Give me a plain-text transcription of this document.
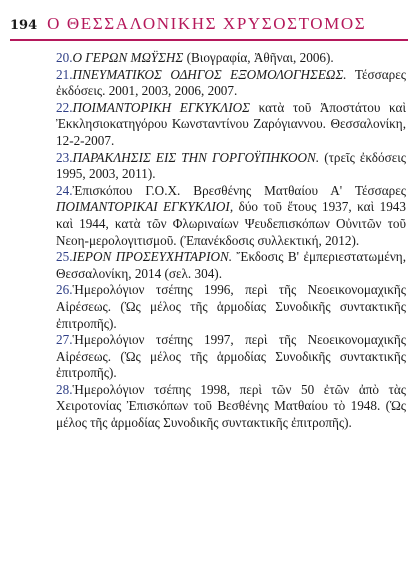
194 Ο ΘΕΣΣΑΛΟΝΙΚΗΣ ΧΡΥΣΟΣΤΟΜΟΣ

20.Ο ΓΕΡΩΝ ΜΩΫΣΗΣ (Βιογραφία, Ἀθῆναι, 2006).

21.ΠΝΕΥΜΑΤΙΚΟΣ ΟΔΗΓΟΣ ΕΞΟΜΟΛΟΓΗΣΕΩΣ. Τέσσαρες ἐκδόσεις. 2001, 2003, 2006, 2007.

22.ΠΟΙΜΑΝΤΟΡΙΚΗ ΕΓΚΥΚΛΙΟΣ κατὰ τοῦ Ἀποστάτου καὶ Ἐκκλησιοκατηγόρου Κωνσταντίνου Ζαρόγιαννου. Θεσσαλονίκη, 12-2-2007.

23.ΠΑΡΑΚΛΗΣΙΣ ΕΙΣ ΤΗΝ ΓΟΡΓΟΫΠΗΚΟΟΝ. (τρεῖς ἐκδόσεις 1995, 2003, 2011).

24.Ἐπισκόπου Γ.Ο.Χ. Βρεσθένης Ματθαίου Α' Τέσσαρες ΠΟΙΜΑΝΤΟΡΙΚΑΙ ΕΓΚΥΚΛΙΟΙ, δύο τοῦ ἔτους 1937, καὶ 1943 καὶ 1944, κατὰ τῶν Φλωριναίων Ψευδεπισκόπων Οὐνιτῶν τοῦ Νεοη-μερολογιτισμοῦ. (Ἐπανέκδοσις συλλεκτική, 2012).

25.ΙΕΡΟΝ ΠΡΟΣΕΥΧΗΤΑΡΙΟΝ. Ἔκδοσις Β' ἐμπεριεστατωμένη, Θεσσαλονίκη, 2014 (σελ. 304).

26.Ἡμερολόγιον τσέπης 1996, περὶ τῆς Νεοεικονομαχικῆς Αἱρέσεως. (Ὡς μέλος τῆς ἁρμοδίας Συνοδικῆς συντακτικῆς ἐπιτροπῆς).

27.Ἡμερολόγιον τσέπης 1997, περὶ τῆς Νεοεικονομαχικῆς Αἱρέσεως. (Ὡς μέλος τῆς ἁρμοδίας Συνοδικῆς συντακτικῆς ἐπιτροπῆς).

28.Ἡμερολόγιον τσέπης 1998, περὶ τῶν 50 ἐτῶν ἀπὸ τὰς Χειροτονίας Ἐπισκόπων τοῦ Βεσθένης Ματθαίου τὸ 1948. (Ὡς μέλος τῆς ἁρμοδίας Συνοδικῆς συντακτικῆς ἐπιτροπῆς).
